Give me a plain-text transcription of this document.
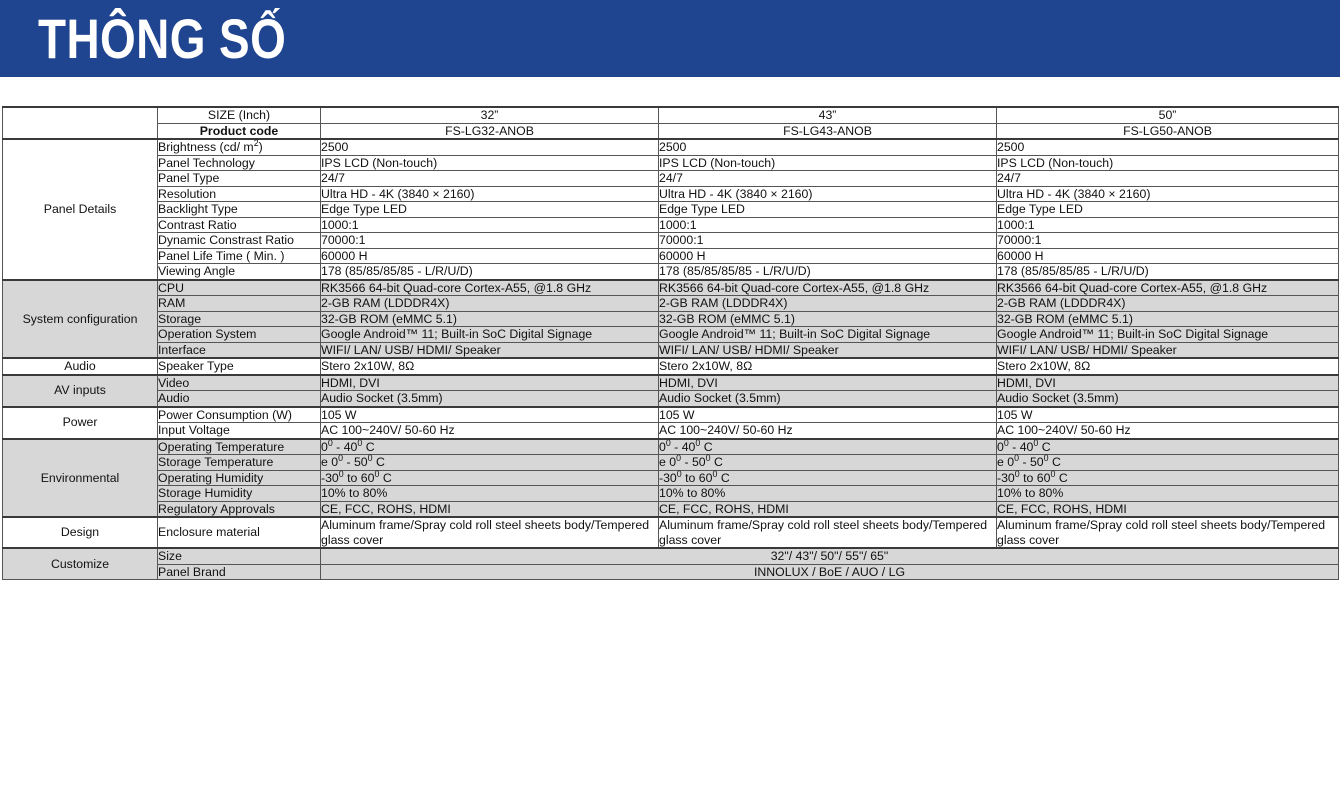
THÔNG SỐ
	SIZE (Inch)	32”	43”	50”
	Product code	FS-LG32-ANOB	FS-LG43-ANOB	FS-LG50-ANOB
Panel Details	Brightness (cd/ $m^2$)	2500	2500	2500
	Panel Technology	IPS LCD (Non-touch)	IPS LCD (Non-touch)	IPS LCD (Non-touch)
	Panel Type	24/7	24/7	24/7
	Resolution	Ultra HD - 4K (3840 × 2160)	Ultra HD - 4K (3840 × 2160)	Ultra HD - 4K (3840 × 2160)
	Backlight Type	Edge Type LED	Edge Type LED	Edge Type LED
	Contrast Ratio	1000:1	1000:1	1000:1
	Dynamic Constrast Ratio	70000:1	70000:1	70000:1
	Panel Life Time ( Min. )	60000 H	60000 H	60000 H
	Viewing Angle	178 (85/85/85/85 - L/R/U/D)	178 (85/85/85/85 - L/R/U/D)	178 (85/85/85/85 - L/R/U/D)
System configuration	CPU	RK3566 64-bit Quad-core Cortex-A55, @1.8 GHz	RK3566 64-bit Quad-core Cortex-A55, @1.8 GHz	RK3566 64-bit Quad-core Cortex-A55, @1.8 GHz
	RAM	2-GB RAM (LDDDR4X)	2-GB RAM (LDDDR4X)	2-GB RAM (LDDDR4X)
	Storage	32-GB ROM (eMMC 5.1)	32-GB ROM (eMMC 5.1)	32-GB ROM (eMMC 5.1)
	Operation System	Google Android™ 11; Built-in SoC Digital Signage	Google Android™ 11; Built-in SoC Digital Signage	Google Android™ 11; Built-in SoC Digital Signage
	Interface	WIFI/ LAN/ USB/ HDMI/ Speaker	WIFI/ LAN/ USB/ HDMI/ Speaker	WIFI/ LAN/ USB/ HDMI/ Speaker
Audio	Speaker Type	Stero 2x10W, 8Ω	Stero 2x10W, 8Ω	Stero 2x10W, 8Ω
AV inputs	Video	HDMI, DVI	HDMI, DVI	HDMI, DVI
	Audio	Audio Socket (3.5mm)	Audio Socket (3.5mm)	Audio Socket (3.5mm)
Power	Power Consumption (W)	105 W	105 W	105 W
	Input Voltage	AC 100~240V/ 50-60 Hz	AC 100~240V/ 50-60 Hz	AC 100~240V/ 50-60 Hz
Environmental	Operating Temperature	$0^0 - 40^0$ C	$0^0 - 40^0$ C	$0^0 - 40^0$ C
	Storage Temperature	e $0^0 - 50^0$ C	e $0^0 - 50^0$ C	e $0^0 - 50^0$ C
	Operating Humidity	$-30^0$ to $60^0$ C	$-30^0$ to $60^0$ C	$-30^0$ to $60^0$ C
	Storage Humidity	10% to 80%	10% to 80%	10% to 80%
	Regulatory Approvals	CE, FCC, ROHS, HDMI	CE, FCC, ROHS, HDMI	CE, FCC, ROHS, HDMI
Design	Enclosure material	Aluminum frame/Spray cold roll steel sheets body/Tempered glass cover	Aluminum frame/Spray cold roll steel sheets body/Tempered glass cover	Aluminum frame/Spray cold roll steel sheets body/Tempered glass cover
Customize	Size	32"/ 43"/ 50"/ 55"/ 65"		
	Panel Brand	INNOLUX / BoE / AUO / LG		
